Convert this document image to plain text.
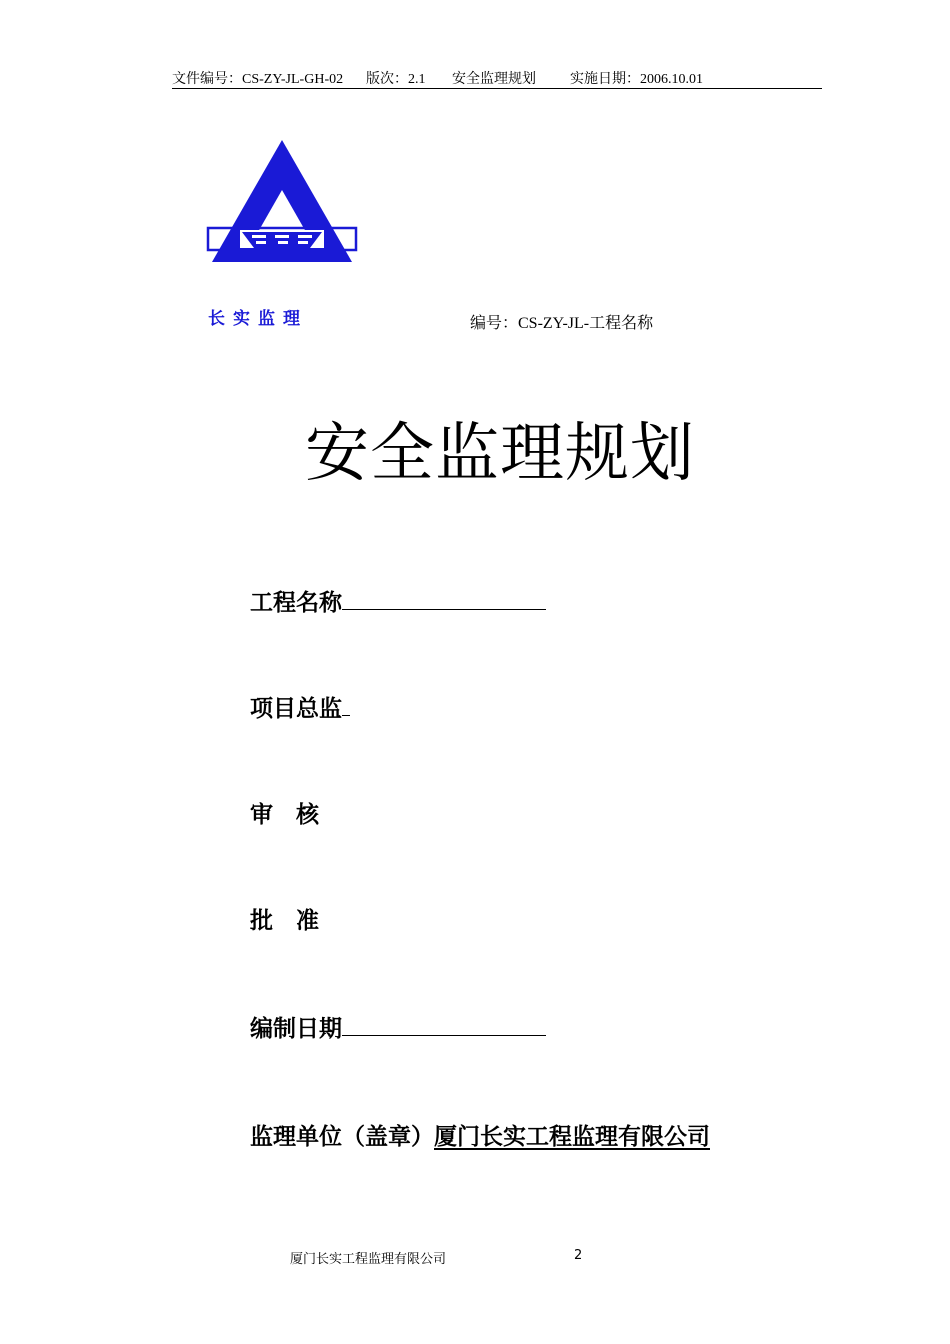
文件编号：CS-ZY-JL-GH-02 版次：2.1 安全监理规划 实施日期：2006.10.01
长实监理	编号：CS-ZY-JL-工程名称
安全监理规划
工程名称
项目总监
审　核
批　准
编制日期
监理单位（盖章）厦门长实工程监理有限公司
厦门长实工程监理有限公司	2
